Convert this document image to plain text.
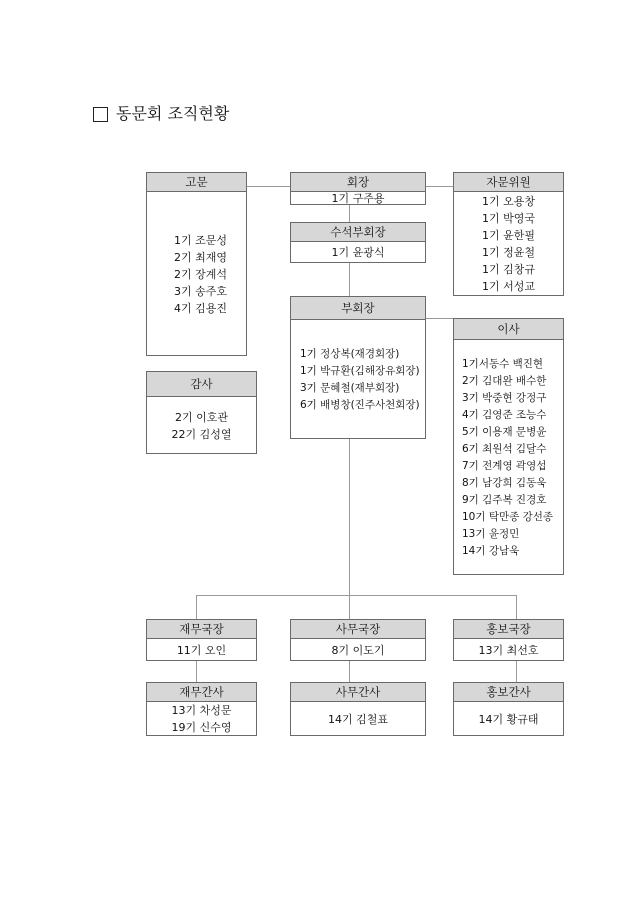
동문회 조직현황
고문
1기 조문성
2기 최재영
2기 장계석
3기 송주호
4기 김용진
회장
1기 구주용
자문위원
1기 오용창
1기 박영국
1기 윤한필
1기 정윤철
1기 김창규
1기 서성교
수석부회장
1기 윤광식
감사
2기 이호관
22기 김성열
부회장
1기 정상복(재경회장)
1기 박규환(김해장유회장)
3기 문혜철(재부회장)
6기 배병창(진주사천회장)
이사
1기서동수 백진현
2기 김대완 배수한
3기 박중현 강정구
4기 김영준 조능수
5기 이용재 문병윤
6기 최원석 김달수
7기 전계영 곽영섭
8기 남강희 김동욱
9기 김주복 진경호
10기 탁만종 강선종
13기 윤정민
14기 강남욱
재무국장
11기 오인
사무국장
8기 이도기
홍보국장
13기 최선호
재무간사
13기 차성문
19기 신수영
사무간사
14기 김철표
홍보간사
14기 황규태
